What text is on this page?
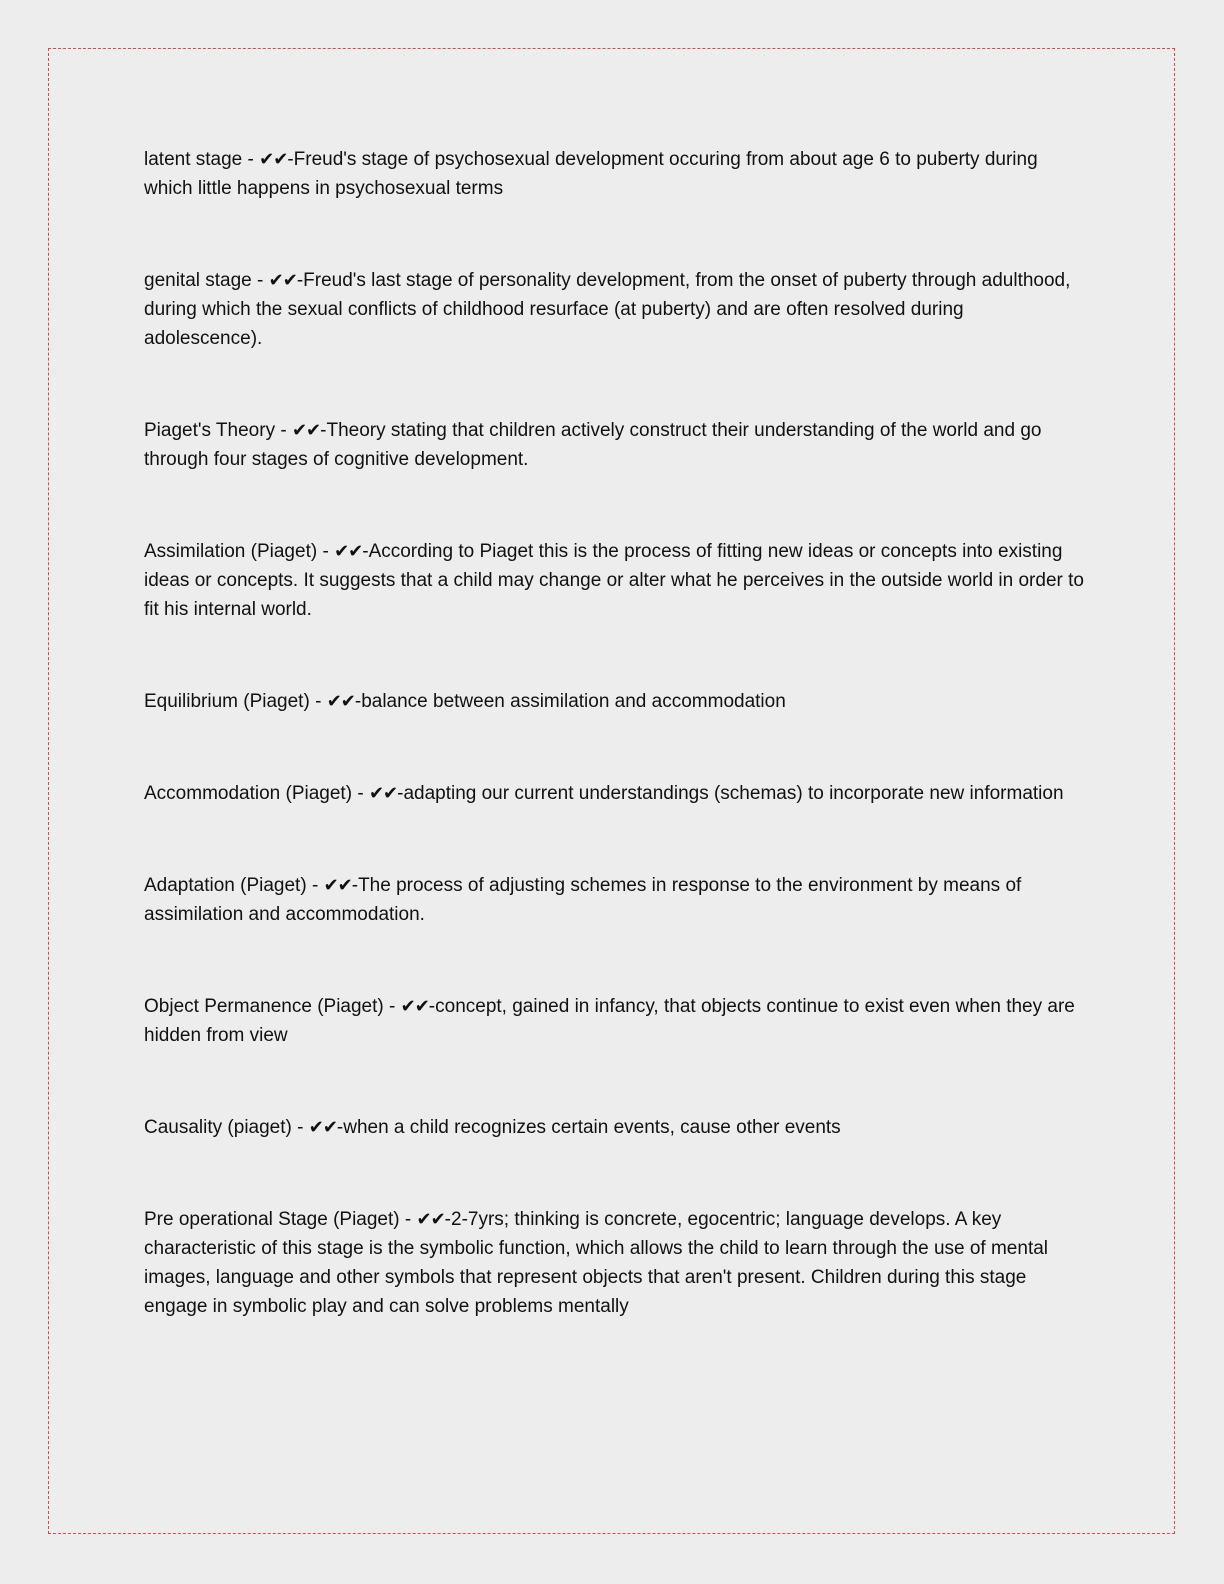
latent stage - ✔✔-Freud's stage of psychosexual development occuring from about age 6 to puberty during which little happens in psychosexual terms

genital stage - ✔✔-Freud's last stage of personality development, from the onset of puberty through adulthood, during which the sexual conflicts of childhood resurface (at puberty) and are often resolved during adolescence).

Piaget's Theory - ✔✔-Theory stating that children actively construct their understanding of the world and go through four stages of cognitive development.

Assimilation (Piaget) - ✔✔-According to Piaget this is the process of fitting new ideas or concepts into existing ideas or concepts. It suggests that a child may change or alter what he perceives in the outside world in order to fit his internal world.

Equilibrium (Piaget) - ✔✔-balance between assimilation and accommodation

Accommodation (Piaget) - ✔✔-adapting our current understandings (schemas) to incorporate new information

Adaptation (Piaget) - ✔✔-The process of adjusting schemes in response to the environment by means of assimilation and accommodation.

Object Permanence (Piaget) - ✔✔-concept, gained in infancy, that objects continue to exist even when they are hidden from view

Causality (piaget) - ✔✔-when a child recognizes certain events, cause other events

Pre operational Stage (Piaget) - ✔✔-2-7yrs; thinking is concrete, egocentric; language develops. A key characteristic of this stage is the symbolic function, which allows the child to learn through the use of mental images, language and other symbols that represent objects that aren't present. Children during this stage engage in symbolic play and can solve problems mentally
